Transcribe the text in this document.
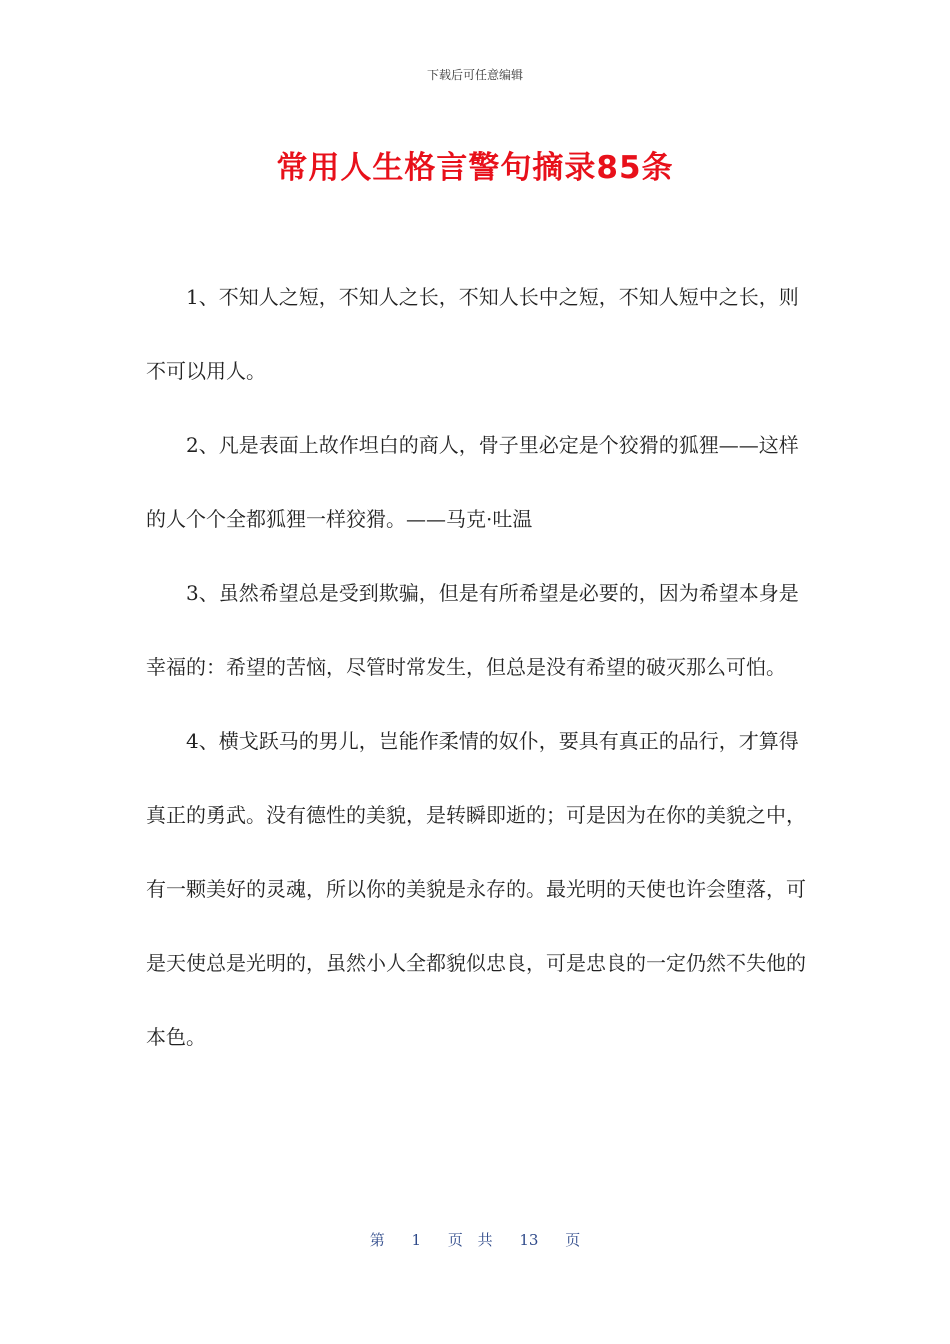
下载后可任意编辑
常用人生格言警句摘录85条

1、不知人之短，不知人之长，不知人长中之短，不知人短中之长，则不可以用人。

2、凡是表面上故作坦白的商人，骨子里必定是个狡猾的狐狸——这样的人个个全都狐狸一样狡猾。——马克·吐温

3、虽然希望总是受到欺骗，但是有所希望是必要的，因为希望本身是幸福的：希望的苦恼，尽管时常发生，但总是没有希望的破灭那么可怕。

4、横戈跃马的男儿，岂能作柔情的奴仆，要具有真正的品行，才算得真正的勇武。没有德性的美貌，是转瞬即逝的；可是因为在你的美貌之中，有一颗美好的灵魂，所以你的美貌是永存的。最光明的天使也许会堕落，可是天使总是光明的，虽然小人全都貌似忠良，可是忠良的一定仍然不失他的本色。

第 1 页 共 13 页
